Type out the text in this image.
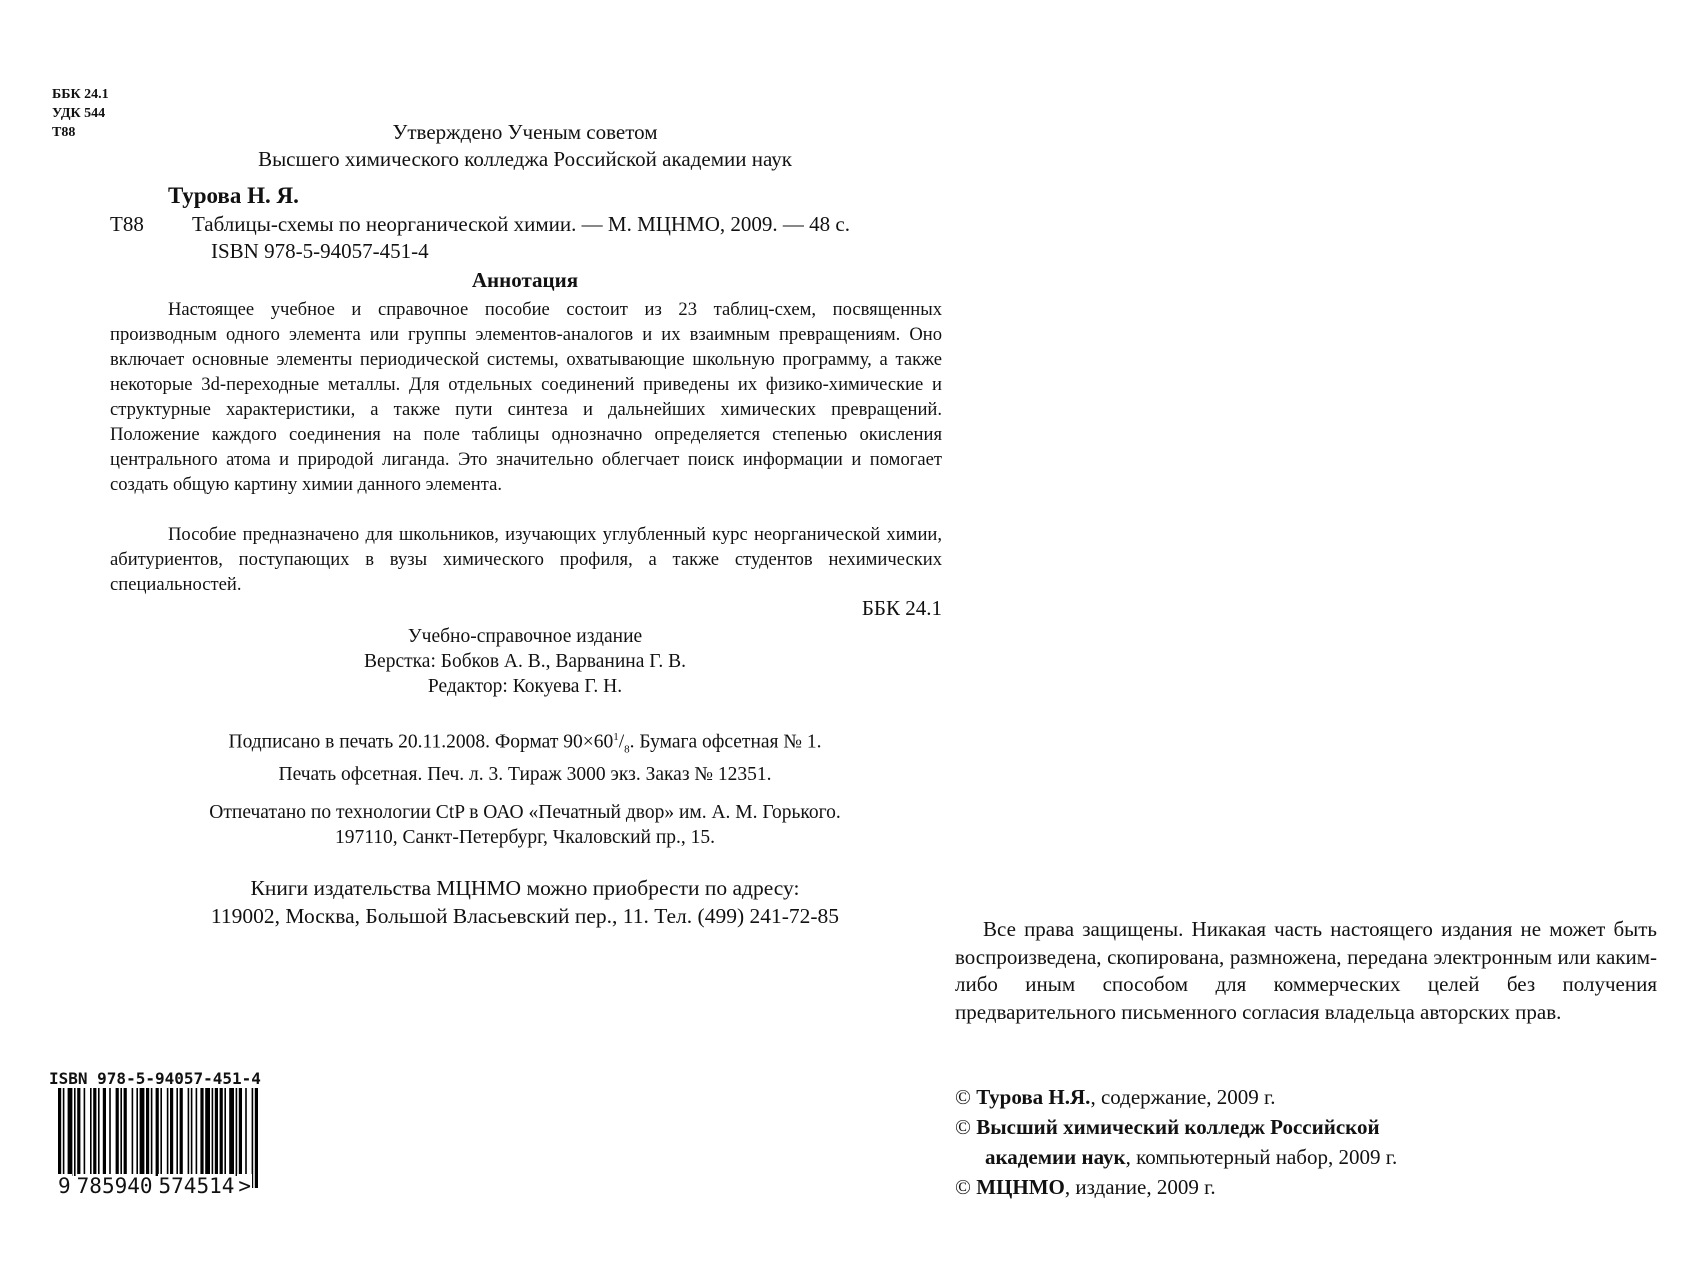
ББК 24.1
УДК 544
Т88	Утверждено Ученым советом
Высшего химического колледжа Российской академии наук
Турова Н. Я.
Т88 Таблицы-схемы по неорганической химии. — М. МЦНМО, 2009. — 48 с.
ISBN 978-5-94057-451-4
Аннотация

Настоящее учебное и справочное пособие состоит из 23 таблиц-схем, посвященных производным одного элемента или группы элементов-аналогов и их взаимным превращениям. Оно включает основные элементы периодической системы, охватывающие школьную программу, а также некоторые 3d-переходные металлы. Для отдельных соединений приведены их физико-химические и структурные характеристики, а также пути синтеза и дальнейших химических превращений. Положение каждого соединения на поле таблицы однозначно определяется степенью окисления центрального атома и природой лиганда. Это значительно облегчает поиск информации и помогает создать общую картину химии данного элемента.

Пособие предназначено для школьников, изучающих углубленный курс неорганической химии, абитуриентов, поступающих в вузы химического профиля, а также студентов нехимических специальностей.

ББК 24.1
Учебно-справочное издание
Верстка: Бобков А. В., Варванина Г. В.
Редактор: Кокуева Г. Н.
Подписано в печать 20.11.2008. Формат $90\times 60^1/_8$. Бумага офсетная № 1.
Печать офсетная. Печ. л. 3. Тираж 3000 экз. Заказ № 12351.
Отпечатано по технологии CtP в ОАО «Печатный двор» им. А. М. Горького.
197110, Санкт-Петербург, Чкаловский пр., 15.
Книги издательства МЦНМО можно приобрести по адресу:
119002, Москва, Большой Власьевский пер., 11. Тел. (499) 241-72-85

Все права защищены. Никакая часть настоящего издания не может быть воспроизведена, скопирована, размножена, передана электронным или каким-либо иным способом для коммерческих целей без получения предварительного письменного согласия владельца авторских прав.

© Турова Н.Я., содержание, 2009 г.
© Высший химический колледж Российской
академии наук, компьютерный набор, 2009 г.
© МЦНМО, издание, 2009 г.
ISBN 978-5-94057-451-4
9 785940 574514 >
